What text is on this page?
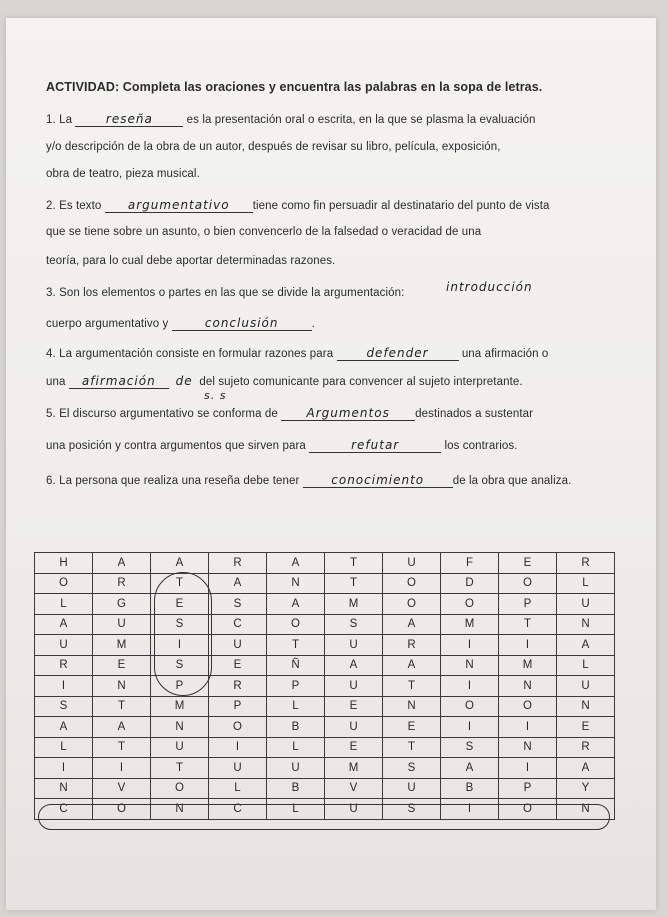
ACTIVIDAD: Completa las oraciones y encuentra las palabras en la sopa de letras.
1. La	reseña	es la presentación oral o escrita, en la que se plasma la evaluación
y/o descripción de la obra de un autor, después de revisar su libro, película, exposición,
obra de teatro, pieza musical.
2. Es texto argumentativo tiene como fin persuadir al destinatario del punto de vista
que se tiene sobre un asunto, o bien convencerlo de la falsedad o veracidad de una
teoría, para lo cual debe aportar determinadas razones.
3. Son los elementos o partes en las que se divide la argumentación:	introducción
cuerpo argumentativo y	conclusión	.
4. La argumentación consiste en formular razones para	defender	una afirmación o
una afirmación de del sujeto comunicante para convencer al sujeto interpretante.
s. s
5. El discurso argumentativo se conforma de Argumentos destinados a sustentar
una posición y contra argumentos que sirven para	refutar	los contrarios.
6. La persona que realiza una reseña debe tener	conocimiento de la obra que analiza.
H	A	A	R	A	T	U	F	E	R
O	R	T	A	N	T	O	D	O	L
L	G	E	S	A	M	O	O	P	U
A	U	S	C	O	S	A	M	T	N
U	M	I	U	T	U	R	I	I	A
R	E	S	E	Ñ	A	A	N	M	L
I	N	P	R	P	U	T	I	N	U
S	T	M	P	L	E	N	O	O	N
A	A	N	O	B	U	E	I	I	E
L	T	U	I	L	E	T	S	N	R
I	I	T	U	U	M	S	A	I	A
N	V	O	L	B	V	U	B	P	Y
C	O	N	C	L	U	S	I	O	N
